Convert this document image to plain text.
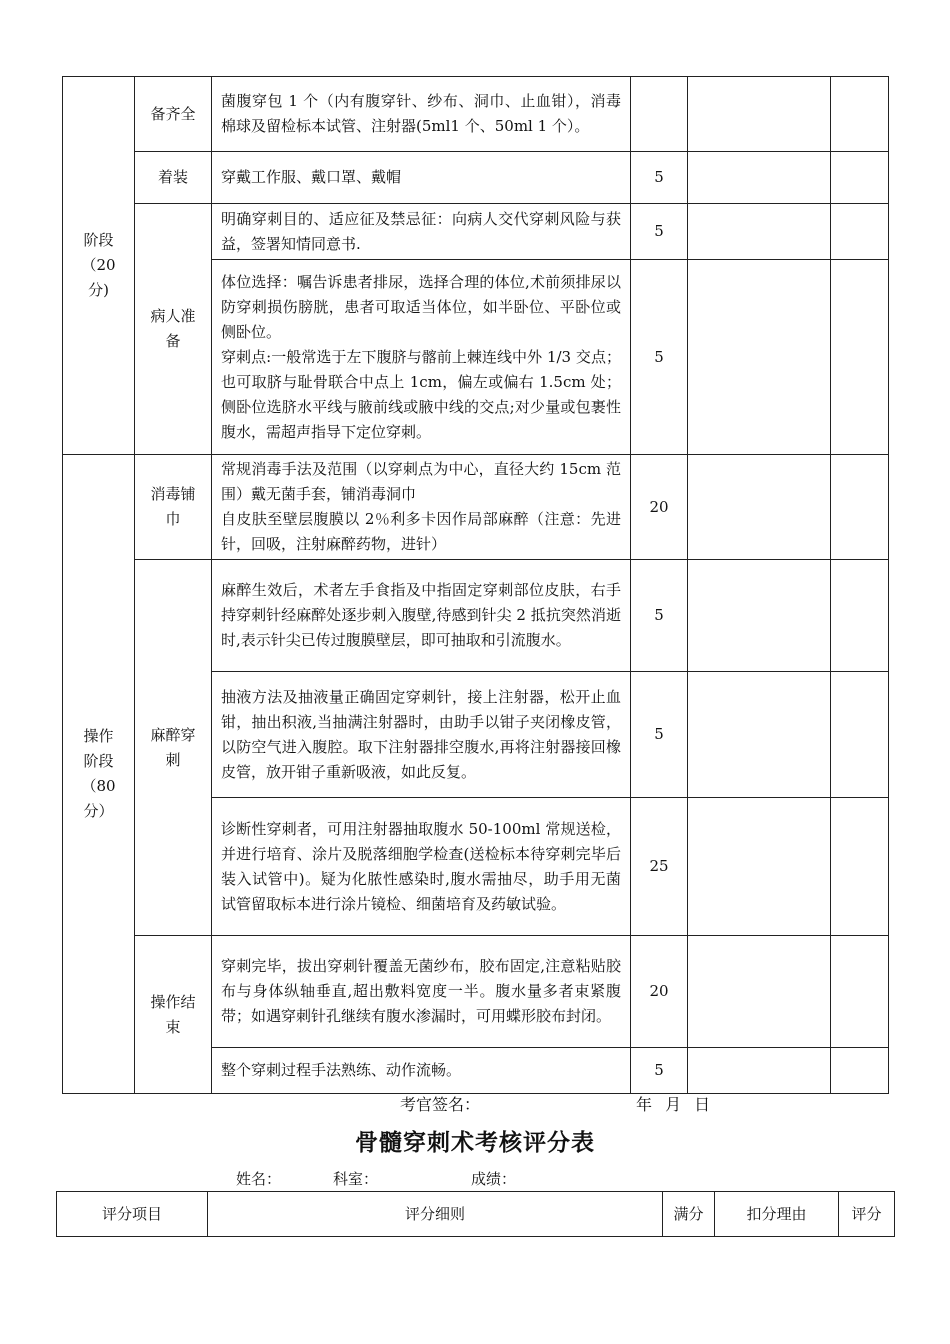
阶段
（20
分)	备齐全	菌腹穿包 1 个（内有腹穿针、纱布、洞巾、止血钳），消毒棉球及留检标本试管、注射器(5ml1 个、50ml 1 个）。			
	着装	穿戴工作服、戴口罩、戴帽	5		
	病人准备	明确穿刺目的、适应征及禁忌征：向病人交代穿刺风险与获益，签署知情同意书.	5		
		体位选择：嘱告诉患者排尿，选择合理的体位,术前须排尿以防穿刺损伤膀胱，患者可取适当体位，如半卧位、平卧位或侧卧位。
穿刺点:一般常选于左下腹脐与髂前上棘连线中外 1/3 交点；也可取脐与耻骨联合中点上 1cm，偏左或偏右 1.5cm 处；侧卧位选脐水平线与腋前线或腋中线的交点;对少量或包裹性腹水，需超声指导下定位穿刺。	5		
操作
阶段
（80
分）	消毒铺巾	常规消毒手法及范围（以穿刺点为中心，直径大约 15cm 范围）戴无菌手套，铺消毒洞巾
自皮肤至壁层腹膜以 2％利多卡因作局部麻醉（注意：先进针，回吸，注射麻醉药物，进针）	20		
	麻醉穿刺	麻醉生效后，术者左手食指及中指固定穿刺部位皮肤，右手持穿刺针经麻醉处逐步刺入腹壁,待感到针尖 2 抵抗突然消逝时,表示针尖已传过腹膜壁层，即可抽取和引流腹水。	5		
		抽液方法及抽液量正确固定穿刺针，接上注射器，松开止血钳，抽出积液,当抽满注射器时，由助手以钳子夹闭橡皮管，以防空气进入腹腔。取下注射器排空腹水,再将注射器接回橡皮管，放开钳子重新吸液，如此反复。	5		
		诊断性穿刺者，可用注射器抽取腹水 50-100ml 常规送检，并进行培育、涂片及脱落细胞学检查(送检标本待穿刺完毕后装入试管中)。疑为化脓性感染时,腹水需抽尽，助手用无菌试管留取标本进行涂片镜检、细菌培育及药敏试验。	25		
	操作结束	穿刺完毕，拔出穿刺针覆盖无菌纱布，胶布固定,注意粘贴胶布与身体纵轴垂直,超出敷料宽度一半。腹水量多者束紧腹带；如遇穿刺针孔继续有腹水渗漏时，可用蝶形胶布封闭。	20		
		整个穿刺过程手法熟练、动作流畅。	5		
考官签名：	年 月 日
骨髓穿刺术考核评分表
姓名：	科室：	成绩：
评分项目	评分细则	满分	扣分理由	评分
